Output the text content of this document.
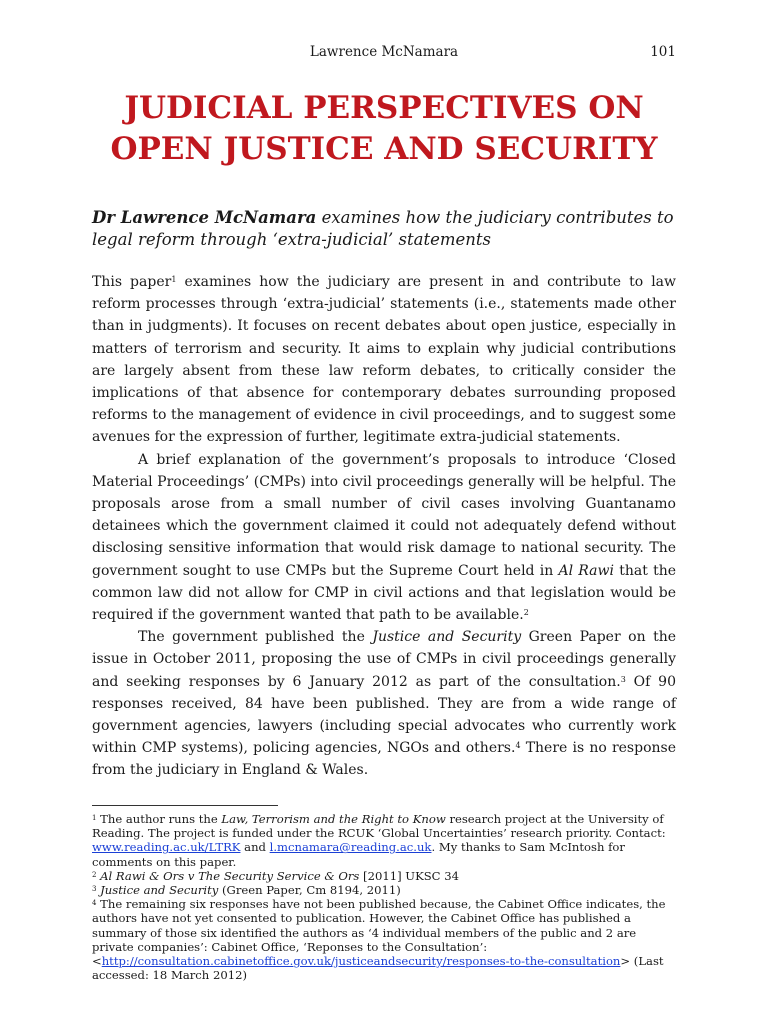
Lawrence McNamara	101
JUDICIAL PERSPECTIVES ON
OPEN JUSTICE AND SECURITY

Dr Lawrence McNamara examines how the judiciary contributes to legal reform through ‘extra-judicial’ statements

This paper$^1$ examines how the judiciary are present in and contribute to law reform processes through ‘extra-judicial’ statements (i.e., statements made other than in judgments). It focuses on recent debates about open justice, especially in matters of terrorism and security. It aims to explain why judicial contributions are largely absent from these law reform debates, to critically consider the implications of that absence for contemporary debates surrounding proposed reforms to the management of evidence in civil proceedings, and to suggest some avenues for the expression of further, legitimate extra-judicial statements.

A brief explanation of the government’s proposals to introduce ‘Closed Material Proceedings’ (CMPs) into civil proceedings generally will be helpful. The proposals arose from a small number of civil cases involving Guantanamo detainees which the government claimed it could not adequately defend without disclosing sensitive information that would risk damage to national security. The government sought to use CMPs but the Supreme Court held in Al Rawi that the common law did not allow for CMP in civil actions and that legislation would be required if the government wanted that path to be available.$^2$

The government published the Justice and Security Green Paper on the issue in October 2011, proposing the use of CMPs in civil proceedings generally and seeking responses by 6 January 2012 as part of the consultation.$^3$ Of 90 responses received, 84 have been published. They are from a wide range of government agencies, lawyers (including special advocates who currently work within CMP systems), policing agencies, NGOs and others.$^4$ There is no response from the judiciary in England & Wales.

$^1$ The author runs the Law, Terrorism and the Right to Know research project at the University of Reading. The project is funded under the RCUK ‘Global Uncertainties’ research priority. Contact: www.reading.ac.uk/LTRK and l.mcnamara@reading.ac.uk. My thanks to Sam McIntosh for comments on this paper.

$^2$ Al Rawi & Ors v The Security Service & Ors [2011] UKSC 34

$^3$ Justice and Security (Green Paper, Cm 8194, 2011)

$^4$ The remaining six responses have not been published because, the Cabinet Office indicates, the authors have not yet consented to publication. However, the Cabinet Office has published a summary of those six identified the authors as ‘4 individual members of the public and 2 are private companies’: Cabinet Office, ‘Reponses to the Consultation’: <http://consultation.cabinetoffice.gov.uk/justiceandsecurity/responses-to-the-consultation> (Last accessed: 18 March 2012)
